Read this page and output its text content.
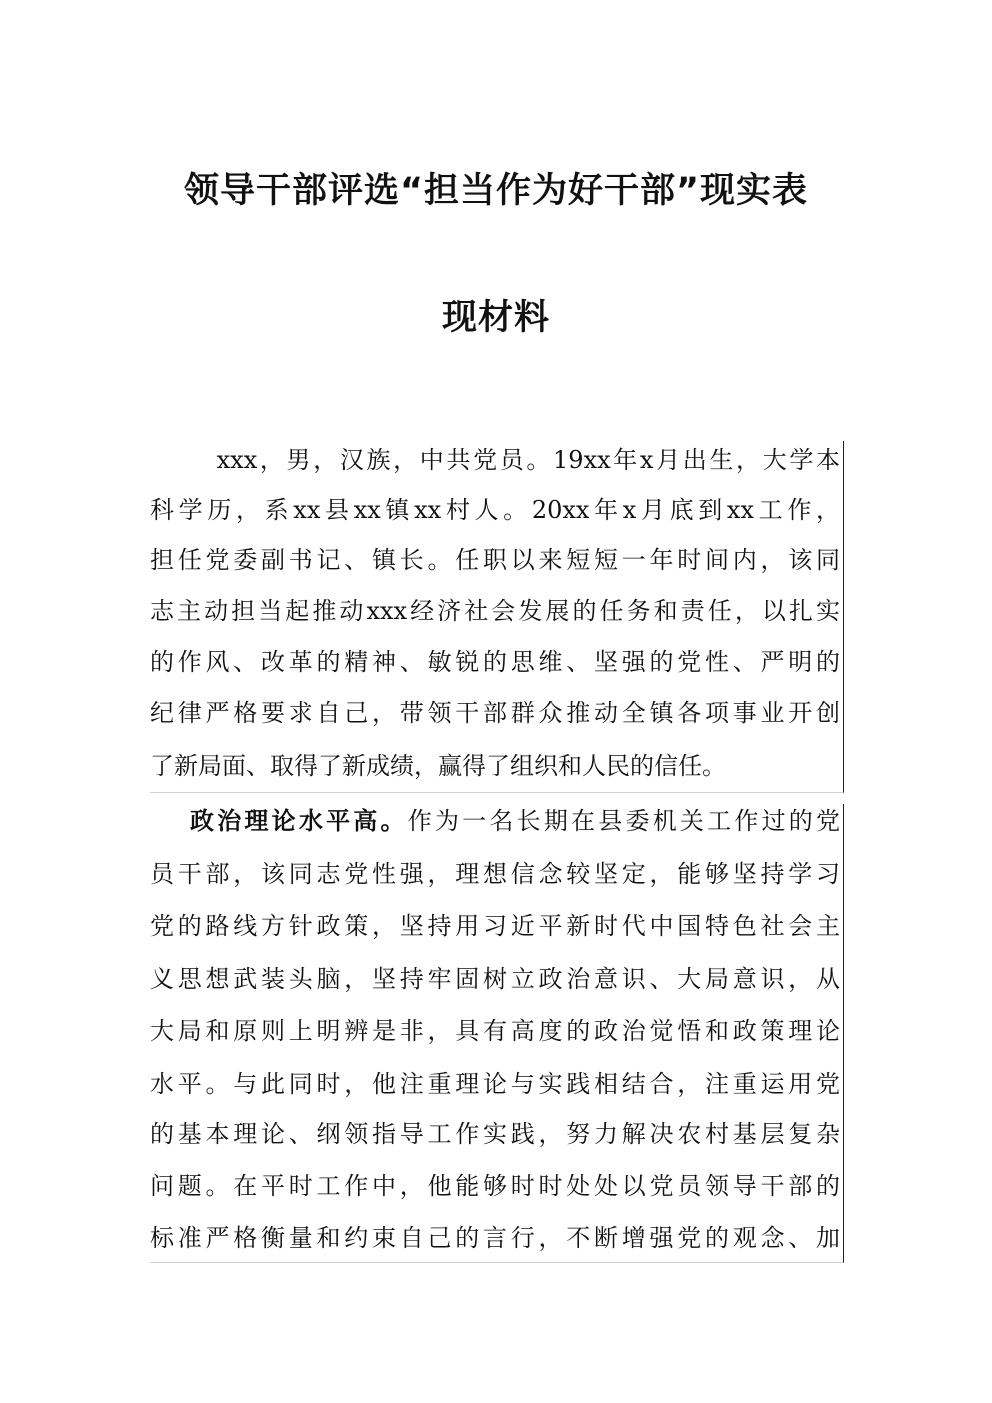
领导干部评选“担当作为好干部”现实表
现材料
　xxx，男，汉族，中共党员。19xx年x月出生，大学本
科学历，系xx县xx镇xx村人。20xx年x月底到xx工作，
担任党委副书记、镇长。任职以来短短一年时间内，该同
志主动担当起推动xxx经济社会发展的任务和责任，以扎实
的作风、改革的精神、敏锐的思维、坚强的党性、严明的
纪律严格要求自己，带领干部群众推动全镇各项事业开创
了新局面、取得了新成绩，赢得了组织和人民的信任。
政治理论水平高。作为一名长期在县委机关工作过的党
员干部，该同志党性强，理想信念较坚定，能够坚持学习
党的路线方针政策，坚持用习近平新时代中国特色社会主
义思想武装头脑，坚持牢固树立政治意识、大局意识，从
大局和原则上明辨是非，具有高度的政治觉悟和政策理论
水平。与此同时，他注重理论与实践相结合，注重运用党
的基本理论、纲领指导工作实践，努力解决农村基层复杂
问题。在平时工作中，他能够时时处处以党员领导干部的
标准严格衡量和约束自己的言行，不断增强党的观念、加
